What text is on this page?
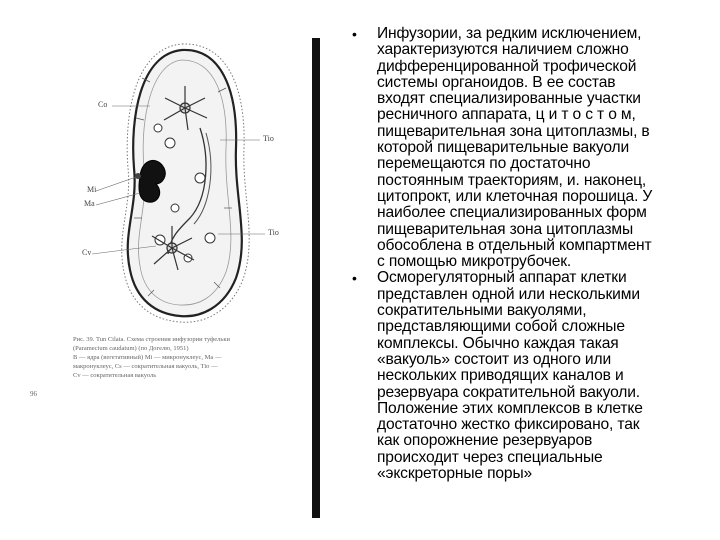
Co
Tio
Mi
Ma
Cv
Tio
Рис. 39. Tun Cilata. Схема строения инфузории туфельки
(Paramecium caudatum) (по Догелю, 1951)
В — ядра (вегетативный) Mi — микронуклеус, Ma —
макронуклеус, Cs — сократительная вакуоль, Tio —
Сv — сократительная вакуоль
96
• Инфузории, за редким исключением,
характеризуются наличием сложно
дифференцированной трофической
системы органоидов. В ее состав
входят специализированные участки
ресничного аппарата, ц и т о с т о м,
пищеварительная зона цитоплазмы, в
которой пищеварительные вакуоли
перемещаются по достаточно
постоянным траекториям, и. наконец,
цитопрокт, или клеточная порошица. У
наиболее специализированных форм
пищеварительная зона цитоплазмы
обособлена в отдельный компартмент
с помощью микротрубочек.
• Осморегуляторный аппарат клетки
представлен одной или несколькими
сократительными вакуолями,
представляющими собой сложные
комплексы. Обычно каждая такая
«вакуоль» состоит из одного или
нескольких приводящих каналов и
резервуара сократительной вакуоли.
Положение этих комплексов в клетке
достаточно жестко фиксировано, так
как опорожнение резервуаров
происходит через специальные
«экскреторные поры»
